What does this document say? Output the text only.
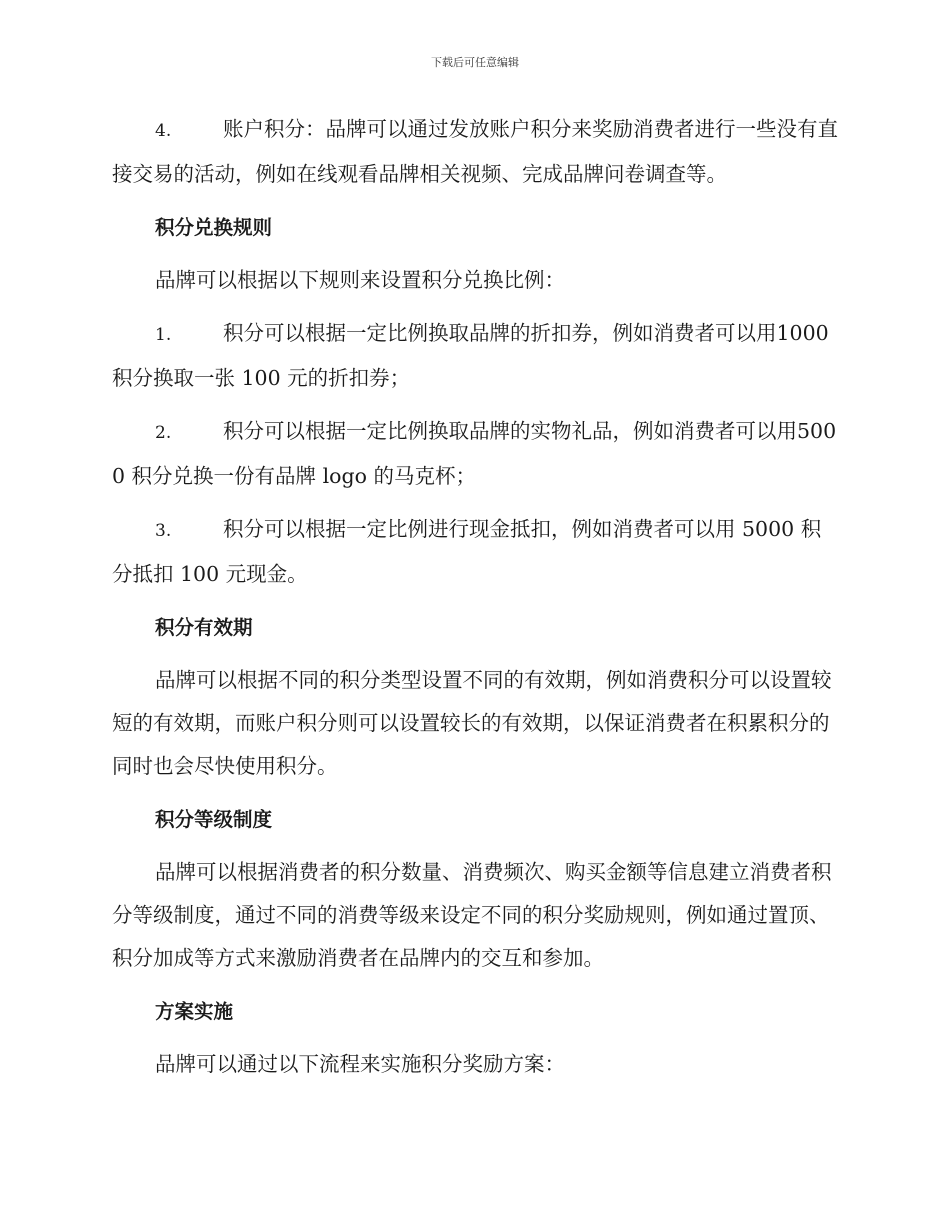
下载后可任意编辑

4.	账户积分：品牌可以通过发放账户积分来奖励消费者进行一些没有直接交易的活动，例如在线观看品牌相关视频、完成品牌问卷调查等。

积分兑换规则

品牌可以根据以下规则来设置积分兑换比例：

1.	积分可以根据一定比例换取品牌的折扣券，例如消费者可以用1000 积分换取一张 100 元的折扣券；

2.	积分可以根据一定比例换取品牌的实物礼品，例如消费者可以用5000 积分兑换一份有品牌 logo 的马克杯；

3.	积分可以根据一定比例进行现金抵扣，例如消费者可以用 5000 积分抵扣 100 元现金。

积分有效期

品牌可以根据不同的积分类型设置不同的有效期，例如消费积分可以设置较短的有效期，而账户积分则可以设置较长的有效期，以保证消费者在积累积分的同时也会尽快使用积分。

积分等级制度

品牌可以根据消费者的积分数量、消费频次、购买金额等信息建立消费者积分等级制度，通过不同的消费等级来设定不同的积分奖励规则，例如通过置顶、积分加成等方式来激励消费者在品牌内的交互和参加。

方案实施

品牌可以通过以下流程来实施积分奖励方案：
